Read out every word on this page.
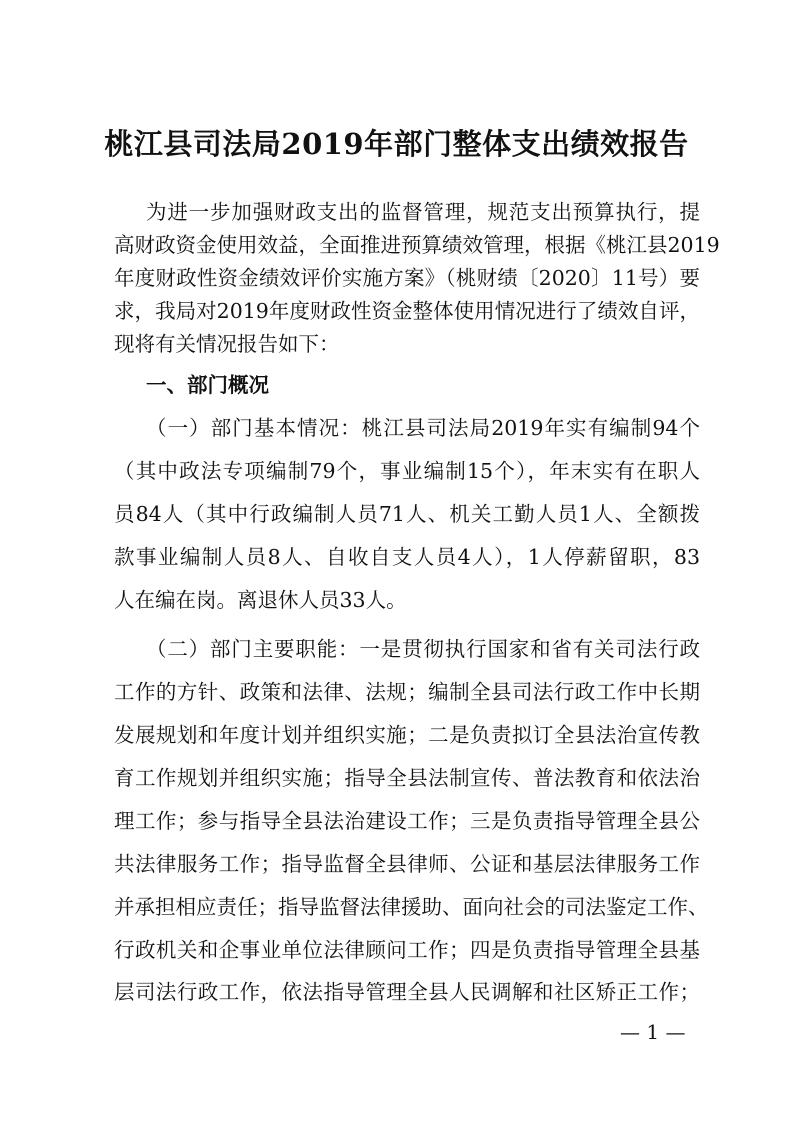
桃江县司法局2019年部门整体支出绩效报告
为进一步加强财政支出的监督管理，规范支出预算执行，提
高财政资金使用效益，全面推进预算绩效管理，根据《桃江县2019
年度财政性资金绩效评价实施方案》（桃财绩〔2020〕11号）要
求，我局对2019年度财政性资金整体使用情况进行了绩效自评，
现将有关情况报告如下：
一、部门概况
（一）部门基本情况：桃江县司法局2019年实有编制94个
（其中政法专项编制79个，事业编制15个），年末实有在职人
员84人（其中行政编制人员71人、机关工勤人员1人、全额拨
款事业编制人员8人、自收自支人员4人），1人停薪留职，83
人在编在岗。离退休人员33人。
（二）部门主要职能：一是贯彻执行国家和省有关司法行政
工作的方针、政策和法律、法规；编制全县司法行政工作中长期
发展规划和年度计划并组织实施；二是负责拟订全县法治宣传教
育工作规划并组织实施；指导全县法制宣传、普法教育和依法治
理工作；参与指导全县法治建设工作；三是负责指导管理全县公
共法律服务工作；指导监督全县律师、公证和基层法律服务工作
并承担相应责任；指导监督法律援助、面向社会的司法鉴定工作、
行政机关和企事业单位法律顾问工作；四是负责指导管理全县基
层司法行政工作，依法指导管理全县人民调解和社区矫正工作；
— 1 —
